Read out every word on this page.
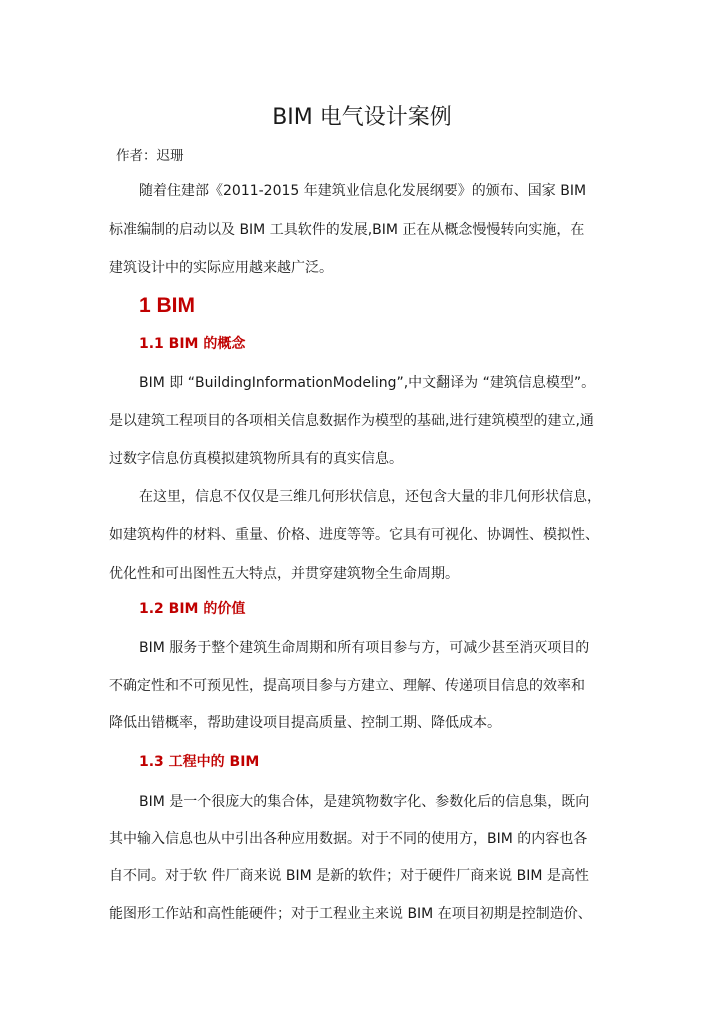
BIM 电气设计案例
作者：迟珊
随着住建部《2011-2015 年建筑业信息化发展纲要》的颁布、国家 BIM
标准编制的启动以及 BIM 工具软件的发展,BIM 正在从概念慢慢转向实施，在
建筑设计中的实际应用越来越广泛。
1 BIM
1.1 BIM 的概念
BIM 即 “BuildingInformationModeling”,中文翻译为 “建筑信息模型”。
是以建筑工程项目的各项相关信息数据作为模型的基础,进行建筑模型的建立,通
过数字信息仿真模拟建筑物所具有的真实信息。
在这里，信息不仅仅是三维几何形状信息，还包含大量的非几何形状信息，
如建筑构件的材料、重量、价格、进度等等。它具有可视化、协调性、模拟性、
优化性和可出图性五大特点，并贯穿建筑物全生命周期。
1.2 BIM 的价值
BIM 服务于整个建筑生命周期和所有项目参与方，可减少甚至消灭项目的
不确定性和不可预见性，提高项目参与方建立、理解、传递项目信息的效率和
降低出错概率，帮助建设项目提高质量、控制工期、降低成本。
1.3 工程中的 BIM
BIM 是一个很庞大的集合体，是建筑物数字化、参数化后的信息集，既向
其中输入信息也从中引出各种应用数据。对于不同的使用方，BIM 的内容也各
自不同。对于软 件厂商来说 BIM 是新的软件；对于硬件厂商来说 BIM 是高性
能图形工作站和高性能硬件；对于工程业主来说 BIM 在项目初期是控制造价、
